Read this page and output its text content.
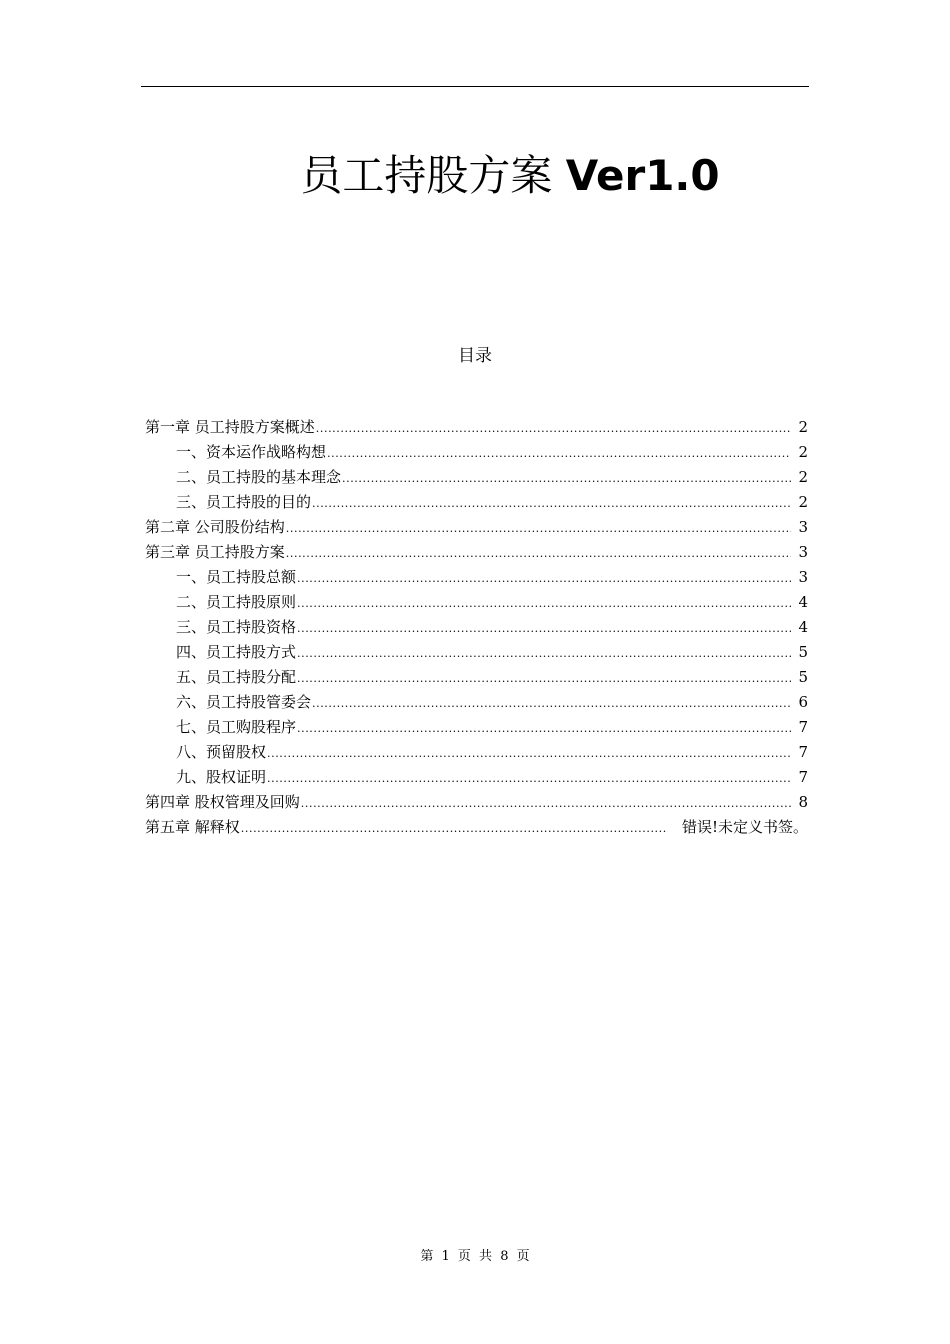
员工持股方案 Ver1.0
目录
第一章 员工持股方案概述 .....	2
一、资本运作战略构想 .....	2
二、员工持股的基本理念 .....	2
三、员工持股的目的 .....	2
第二章 公司股份结构 .....	3
第三章 员工持股方案 .....	3
一、员工持股总额 .....	3
二、员工持股原则 .....	4
三、员工持股资格 .....	4
四、员工持股方式 .....	5
五、员工持股分配 .....	5
六、员工持股管委会 .....	6
七、员工购股程序 .....	7
八、预留股权 .....	7
九、股权证明 .....	7
第四章 股权管理及回购 .....	8
第五章 解释权 .....	错误!未定义书签。
第 1 页 共 8 页
